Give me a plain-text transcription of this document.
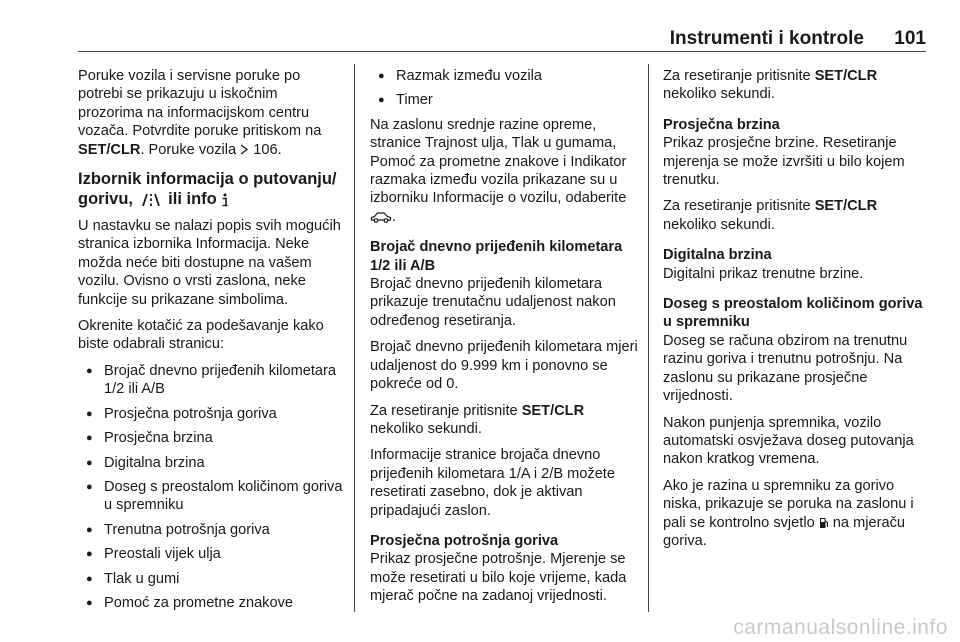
Instrumenti i kontrole 101

Poruke vozila i servisne poruke po potrebi se prikazuju u iskočnim prozorima na informacijskom centru vozača. Potvrdite poruke pritiskom na SET/CLR. Poruke vozila  106.

Izbornik informacija o putovanju/
gorivu,  ili info

U nastavku se nalazi popis svih mogućih stranica izbornika Informacija. Neke možda neće biti dostupne na vašem vozilu. Ovisno o vrsti zaslona, neke funkcije su prikazane simbolima.

Okrenite kotačić za podešavanje kako biste odabrali stranicu:

● Brojač dnevno prijeđenih kilometara 1/2 ili A/B
● Prosječna potrošnja goriva
● Prosječna brzina
● Digitalna brzina
● Doseg s preostalom količinom goriva u spremniku
● Trenutna potrošnja goriva
● Preostali vijek ulja
● Tlak u gumi
● Pomoć za prometne znakove
● Razmak između vozila
● Timer

Na zaslonu srednje razine opreme, stranice Trajnost ulja, Tlak u gumama, Pomoć za prometne znakove i Indikator razmaka između vozila prikazane su u izborniku Informacije o vozilu, odaberite .

Brojač dnevno prijeđenih kilometara 1/2 ili A/B

Brojač dnevno prijeđenih kilometara prikazuje trenutačnu udaljenost nakon određenog resetiranja.

Brojač dnevno prijeđenih kilometara mjeri udaljenost do 9.999 km i ponovno se pokreće od 0.

Za resetiranje pritisnite SET/CLR nekoliko sekundi.

Informacije stranice brojača dnevno prijeđenih kilometara 1/A i 2/B možete resetirati zasebno, dok je aktivan pripadajući zaslon.

Prosječna potrošnja goriva

Prikaz prosječne potrošnje. Mjerenje se može resetirati u bilo koje vrijeme, kada mjerač počne na zadanoj vrijednosti.

Za resetiranje pritisnite SET/CLR nekoliko sekundi.

Prosječna brzina

Prikaz prosječne brzine. Resetiranje mjerenja se može izvršiti u bilo kojem trenutku.

Za resetiranje pritisnite SET/CLR nekoliko sekundi.

Digitalna brzina

Digitalni prikaz trenutne brzine.

Doseg s preostalom količinom goriva u spremniku

Doseg se računa obzirom na trenutnu razinu goriva i trenutnu potrošnju. Na zaslonu su prikazane prosječne vrijednosti.

Nakon punjenja spremnika, vozilo automatski osvježava doseg putovanja nakon kratkog vremena.

Ako je razina u spremniku za gorivo niska, prikazuje se poruka na zaslonu i pali se kontrolno svjetlo  na mjeraču goriva.

carmanualsonline.info
